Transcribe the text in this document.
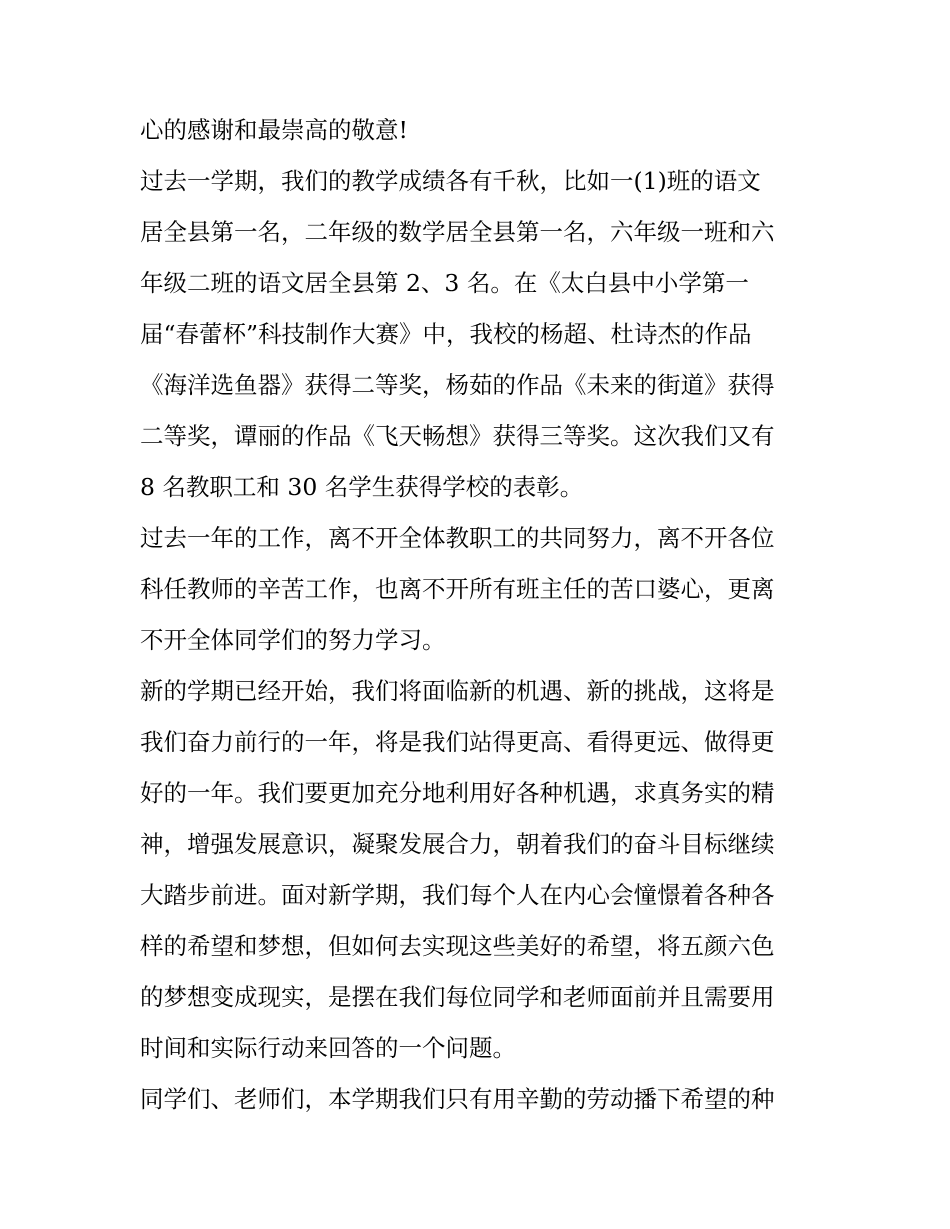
心的感谢和最崇高的敬意!
过去一学期，我们的教学成绩各有千秋，比如一(1)班的语文
居全县第一名，二年级的数学居全县第一名，六年级一班和六
年级二班的语文居全县第 2、3 名。在《太白县中小学第一
届“春蕾杯”科技制作大赛》中，我校的杨超、杜诗杰的作品
《海洋选鱼器》获得二等奖，杨茹的作品《未来的街道》获得
二等奖，谭丽的作品《飞天畅想》获得三等奖。这次我们又有
8 名教职工和 30 名学生获得学校的表彰。
过去一年的工作，离不开全体教职工的共同努力，离不开各位
科任教师的辛苦工作，也离不开所有班主任的苦口婆心，更离
不开全体同学们的努力学习。
新的学期已经开始，我们将面临新的机遇、新的挑战，这将是
我们奋力前行的一年，将是我们站得更高、看得更远、做得更
好的一年。我们要更加充分地利用好各种机遇，求真务实的精
神，增强发展意识，凝聚发展合力，朝着我们的奋斗目标继续
大踏步前进。面对新学期，我们每个人在内心会憧憬着各种各
样的希望和梦想，但如何去实现这些美好的希望，将五颜六色
的梦想变成现实，是摆在我们每位同学和老师面前并且需要用
时间和实际行动来回答的一个问题。
同学们、老师们，本学期我们只有用辛勤的劳动播下希望的种
